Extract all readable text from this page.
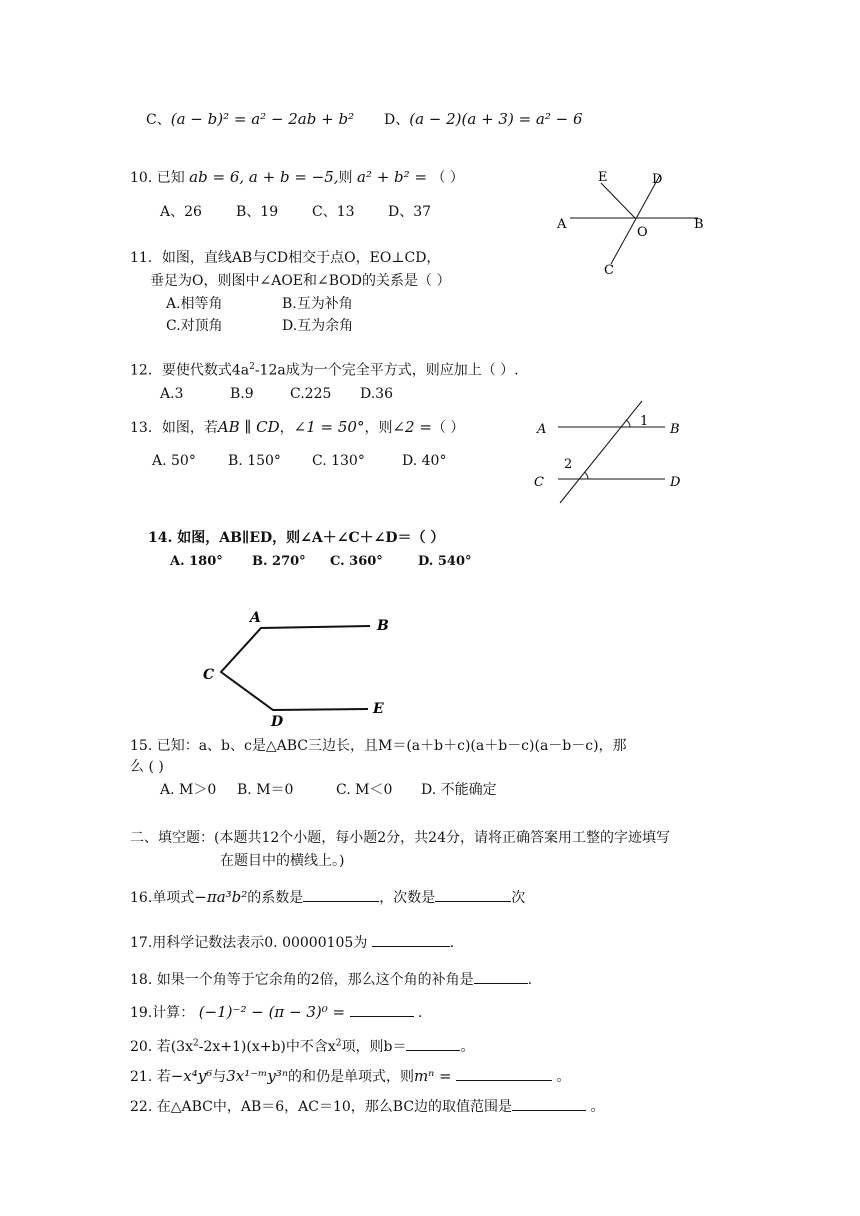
C、(a − b)² = a² − 2ab + b² D、(a − 2)(a + 3) = a² − 6
10. 已知 ab = 6, a + b = −5,则 a² + b² = （ ）
A、26 B、19 C、13 D、37
E	D
A
O
B
C
11．如图，直线AB与CD相交于点O，EO⊥CD，
垂足为O，则图中∠AOE和∠BOD的关系是（ ）
A.相等角	B.互为补角
C.对顶角	D.互为余角
12．要使代数式$4a^2-12a$成为一个完全平方式，则应加上（ ）.
A.3	B.9	C.225 D.36
13．如图，若AB ∥ CD，∠1 = 50°，则∠2 =（ ）
A. 50° B. 150° C. 130°	D. 40°
A	B
C	D
1
2
14. 如图，AB∥ED，则∠A＋∠C＋∠D＝（ ）
A. 180° B. 270° C. 360°	D. 540°
A	B
C
D
E
15. 已知：a、b、c是△ABC三边长，且M＝(a＋b＋c)(a＋b－c)(a－b－c)，那
么 ( )
A. M＞0 B. M＝0	C. M＜0 D. 不能确定
二、填空题：(本题共12个小题，每小题2分，共24分，请将正确答案用工整的字迹填写
在题目中的横线上。)
16.单项式−πa³b²的系数是	，次数是	次
17.用科学记数法表示0. 00000105为	.
18. 如果一个角等于它余角的2倍，那么这个角的补角是	.
19.计算： (−1)⁻² − (π − 3)⁰ =	.
20. 若$(3x^2-2x+1)(x+b)$中不含$x^2$项，则b＝	。
21. 若−x⁴y⁶与3x¹⁻ᵐy³ⁿ的和仍是单项式，则mⁿ =	。
22. 在△ABC中，AB＝6，AC＝10，那么BC边的取值范围是	。
